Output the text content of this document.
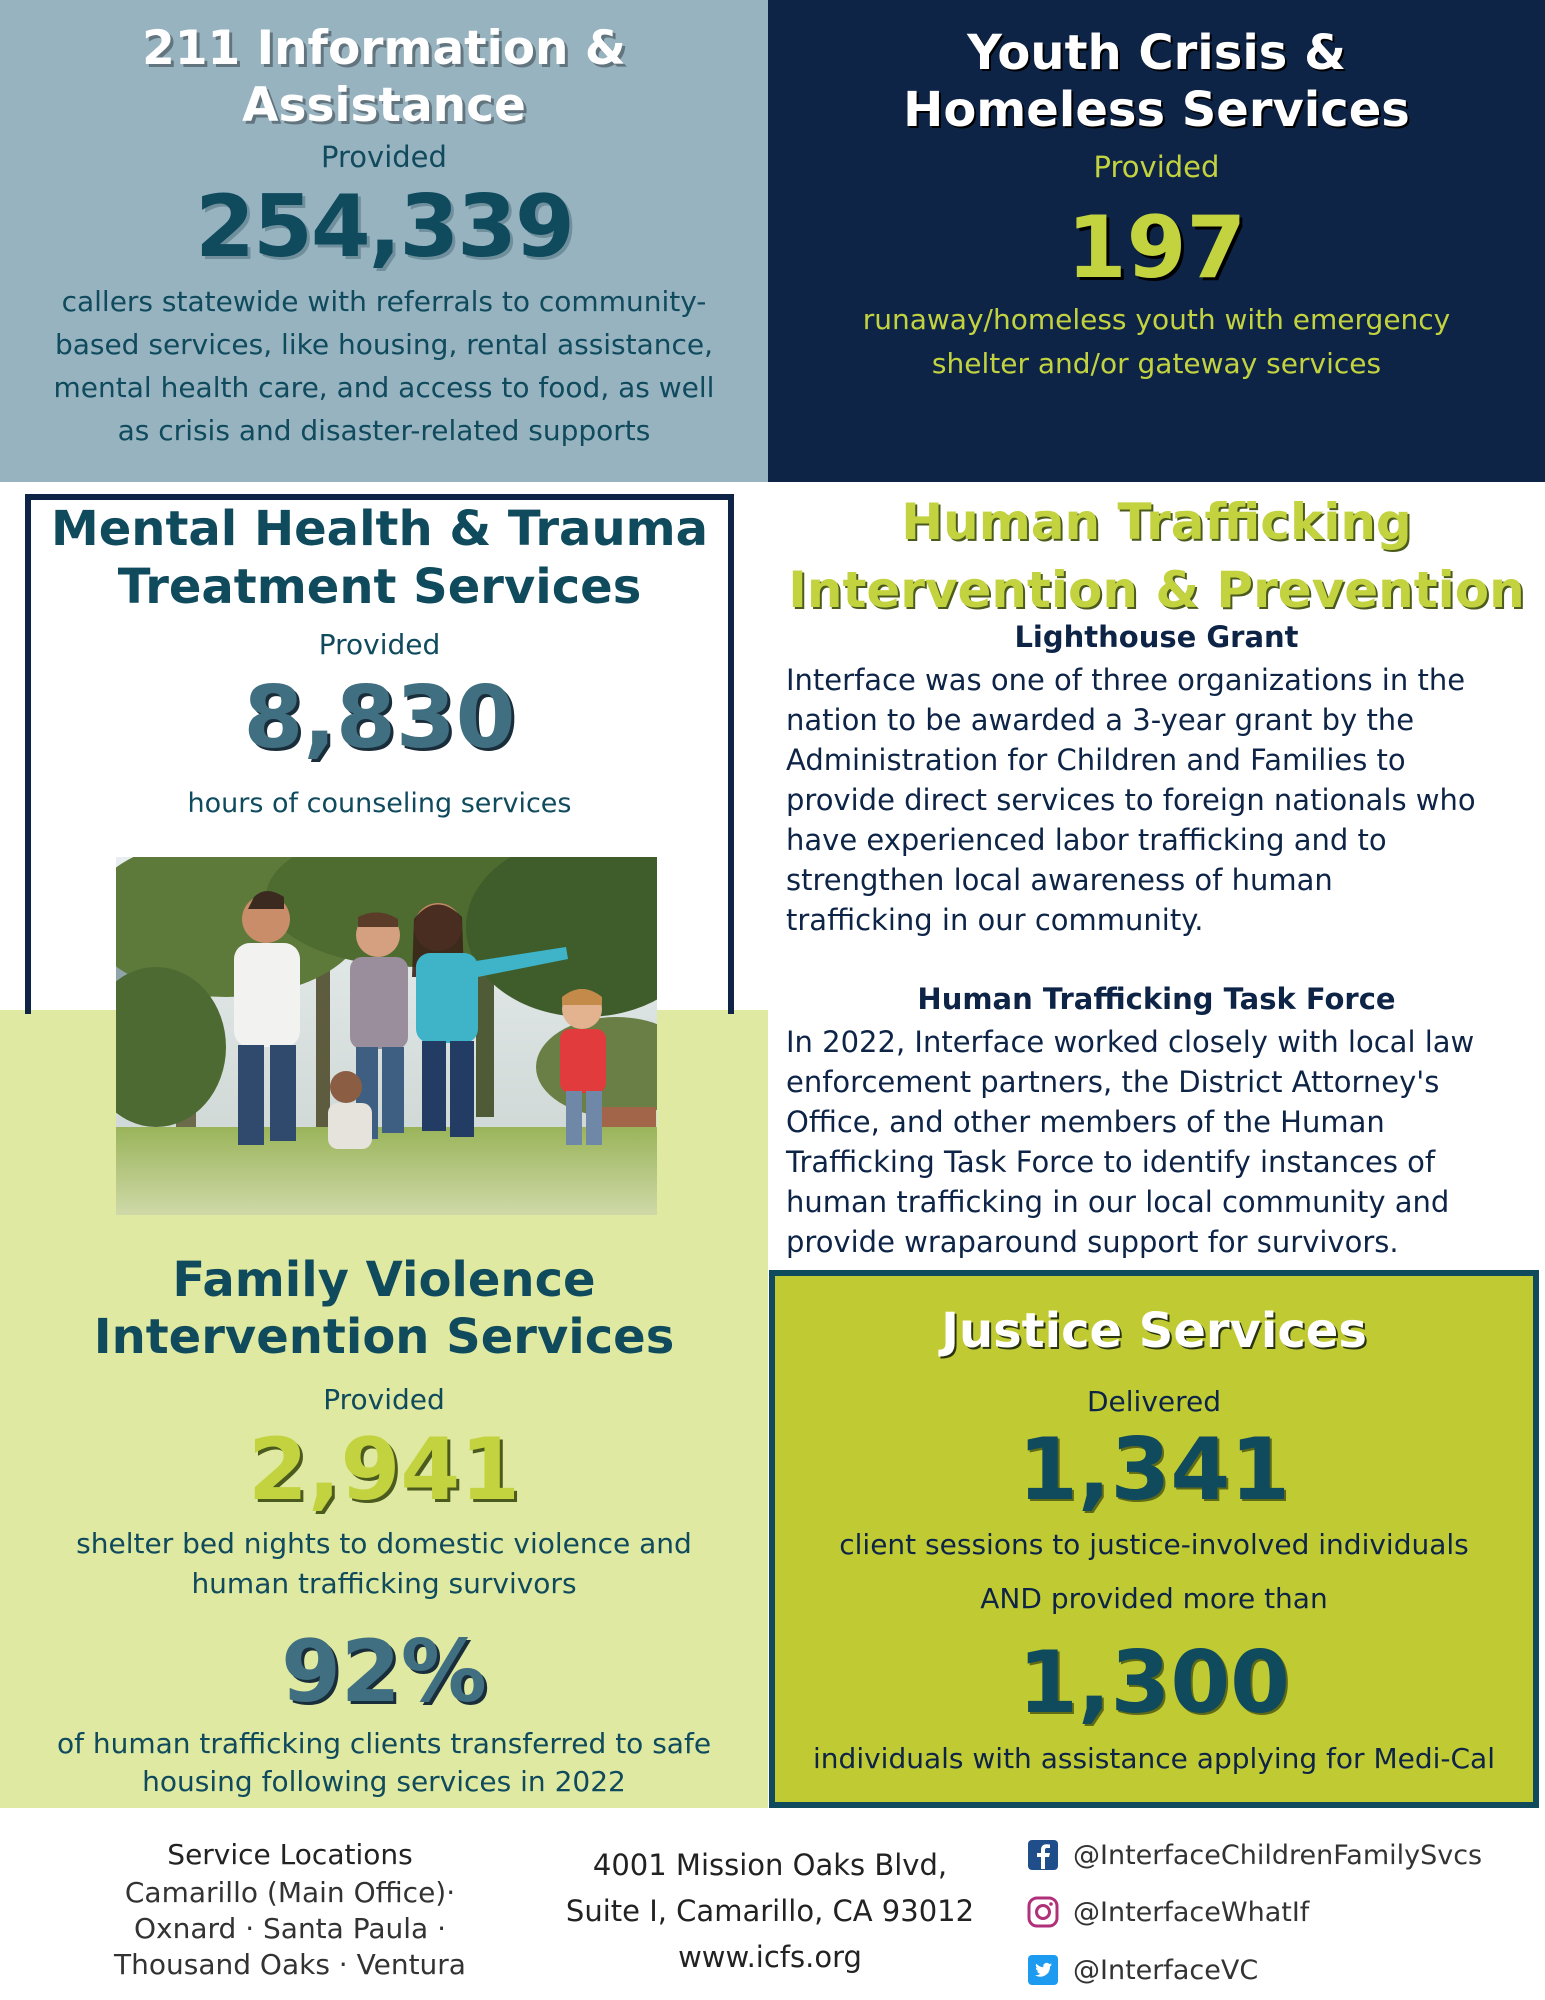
211 Information &
Assistance
Provided
254,339
callers statewide with referrals to community-
based services, like housing, rental assistance,
mental health care, and access to food, as well
as crisis and disaster-related supports
Youth Crisis &
Homeless Services
Provided
197
runaway/homeless youth with emergency
shelter and/or gateway services
Mental Health & Trauma
Treatment Services
Provided
8,830
hours of counseling services
Family Violence
Intervention Services
Provided
2,941
shelter bed nights to domestic violence and
human trafficking survivors
92%
of human trafficking clients transferred to safe
housing following services in 2022
Human Trafficking
Intervention & Prevention
Lighthouse Grant
Interface was one of three organizations in the
nation to be awarded a 3-year grant by the
Administration for Children and Families to
provide direct services to foreign nationals who
have experienced labor trafficking and to
strengthen local awareness of human
trafficking in our community.
Human Trafficking Task Force
In 2022, Interface worked closely with local law
enforcement partners, the District Attorney's
Office, and other members of the Human
Trafficking Task Force to identify instances of
human trafficking in our local community and
provide wraparound support for survivors.
Justice Services
Delivered
1,341
client sessions to justice-involved individuals
AND provided more than
1,300
individuals with assistance applying for Medi-Cal
Service Locations
Camarillo (Main Office)·
Oxnard · Santa Paula ·
Thousand Oaks · Ventura
4001 Mission Oaks Blvd,
Suite I, Camarillo, CA 93012
www.icfs.org
@InterfaceChildrenFamilySvcs
@InterfaceWhatIf
@InterfaceVC
